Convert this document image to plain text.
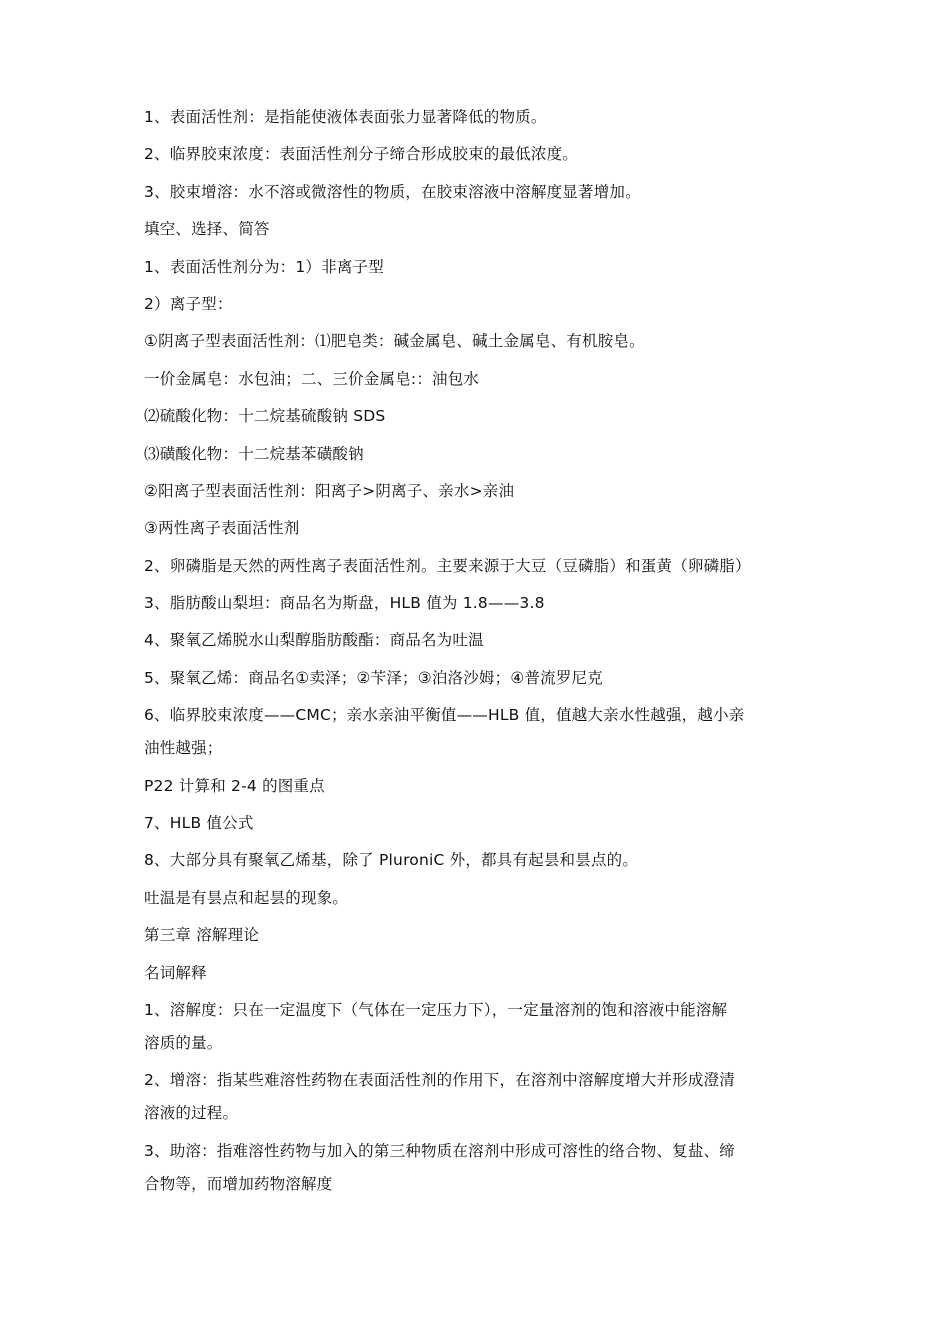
1、表面活性剂：是指能使液体表面张力显著降低的物质。
2、临界胶束浓度：表面活性剂分子缔合形成胶束的最低浓度。
3、胶束增溶：水不溶或微溶性的物质，在胶束溶液中溶解度显著增加。
填空、选择、简答
1、表面活性剂分为：1）非离子型
2）离子型：
①阴离子型表面活性剂：⑴肥皂类：碱金属皂、碱土金属皂、有机胺皂。
一价金属皂：水包油；二、三价金属皂:：油包水
⑵硫酸化物：十二烷基硫酸钠 SDS
⑶磺酸化物：十二烷基苯磺酸钠
②阳离子型表面活性剂：阳离子>阴离子、亲水>亲油
③两性离子表面活性剂
2、卵磷脂是天然的两性离子表面活性剂。主要来源于大豆（豆磷脂）和蛋黄（卵磷脂）
3、脂肪酸山梨坦：商品名为斯盘，HLB 值为 1.8——3.8
4、聚氧乙烯脱水山梨醇脂肪酸酯：商品名为吐温
5、聚氧乙烯：商品名①卖泽；②苄泽；③泊洛沙姆；④普流罗尼克
6、临界胶束浓度——CMC；亲水亲油平衡值——HLB 值，值越大亲水性越强，越小亲
油性越强；
P22 计算和 2-4 的图重点
7、HLB 值公式
8、大部分具有聚氧乙烯基，除了 PluroniC 外，都具有起昙和昙点的。
吐温是有昙点和起昙的现象。
第三章 溶解理论
名词解释
1、溶解度：只在一定温度下（气体在一定压力下），一定量溶剂的饱和溶液中能溶解
溶质的量。
2、增溶：指某些难溶性药物在表面活性剂的作用下，在溶剂中溶解度增大并形成澄清
溶液的过程。
3、助溶：指难溶性药物与加入的第三种物质在溶剂中形成可溶性的络合物、复盐、缔
合物等，而增加药物溶解度
